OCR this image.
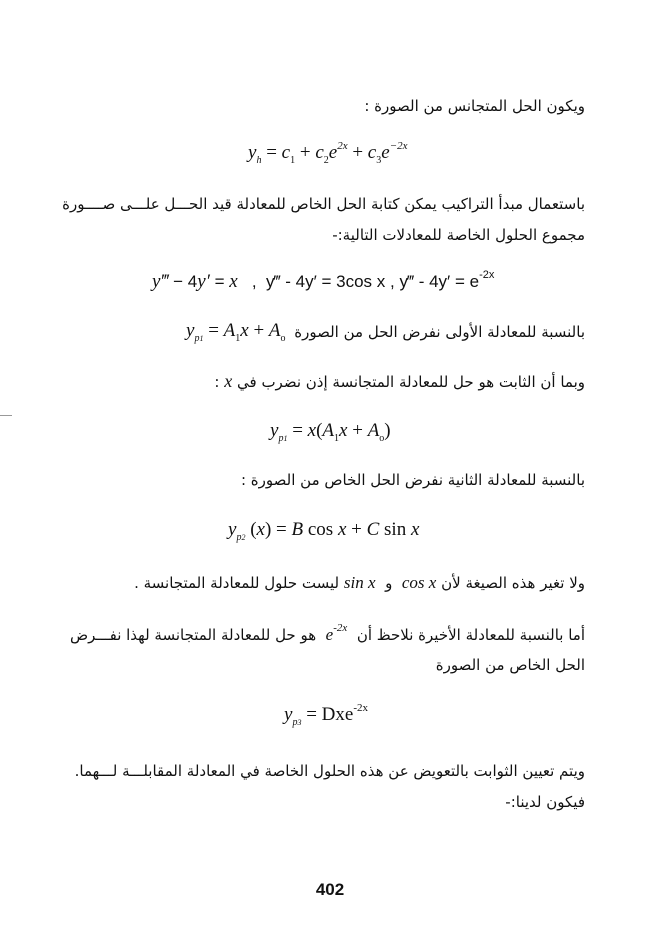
ويكون الحل المتجانس من الصورة :
$y_h = c_1 + c_2e^{2x} + c_3e^{-2x}$
باستعمال مبدأ التراكيب يمكن كتابة الحل الخاص للمعادلة قيد الحـــل علـــى صــــورة
مجموع الحلول الخاصة للمعادلات التالية:-
y‴ − 4y′ = x   ,  y‴ - 4y′ = 3cos x , y‴ - $4y' = e^{-2x}$
بالنسبة للمعادلة الأولى نفرض الحل من الصورة
$y_{p1} = A_1x + A_o$
وبما أن الثابت هو حل للمعادلة المتجانسة إذن نضرب في x :
$y_{p1} = x(A_1x + A_o)$
بالنسبة للمعادلة الثانية نفرض الحل الخاص من الصورة :
$y_{p2}$ (x) = B cos x + C sin x
ولا تغير هذه الصيغة لأن cos x  و  sin x ليست حلول للمعادلة المتجانسة .
أما بالنسبة للمعادلة الأخيرة نلاحظ أن  $e^{-2x}$  هو حل للمعادلة المتجانسة لهذا نفـــرض
الحل الخاص من الصورة
$y_{p3} = Dxe^{-2x}$
ويتم تعيين الثوابت بالتعويض عن هذه الحلول الخاصة في المعادلة المقابلـــة لـــهما.
فيكون لدينا:-
402
